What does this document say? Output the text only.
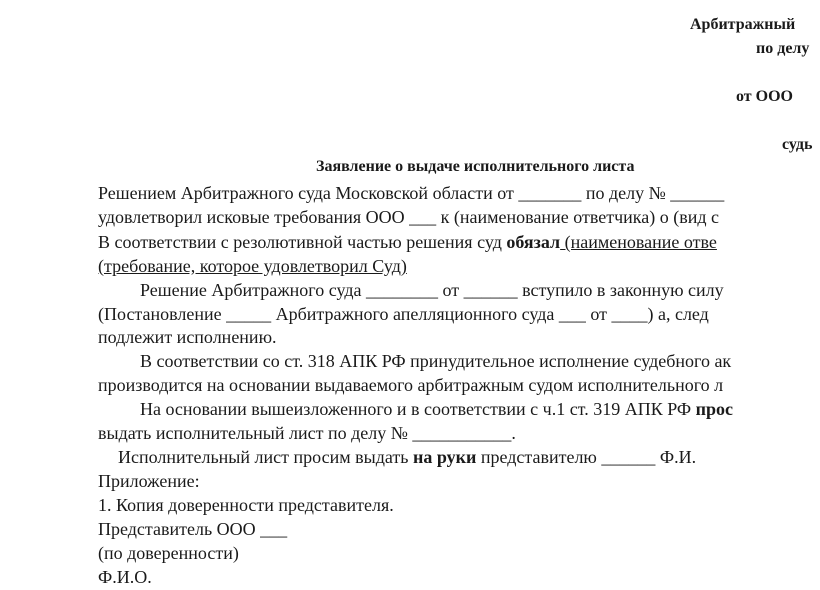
Арбитражный
по делу
от ООО
судь
Заявление о выдаче исполнительного листа
Решением Арбитражного суда Московской области от _______ по делу № ______
удовлетворил исковые требования ООО ___ к (наименование ответчика) о (вид с
В соответствии с резолютивной частью решения суд обязал (наименование отве
(требование, которое удовлетворил Суд)
Решение Арбитражного суда ________ от ______ вступило в законную силу
(Постановление _____ Арбитражного апелляционного суда ___ от ____) а, след
подлежит исполнению.
В соответствии со ст. 318 АПК РФ принудительное исполнение судебного ак
производится на основании выдаваемого арбитражным судом исполнительного л
На основании вышеизложенного и в соответствии с ч.1 ст. 319 АПК РФ прос
выдать исполнительный лист по делу № ___________.
Исполнительный лист просим выдать на руки представителю ______ Ф.И.
Приложение:
1. Копия доверенности представителя.
Представитель ООО ___
(по доверенности)
Ф.И.О.
